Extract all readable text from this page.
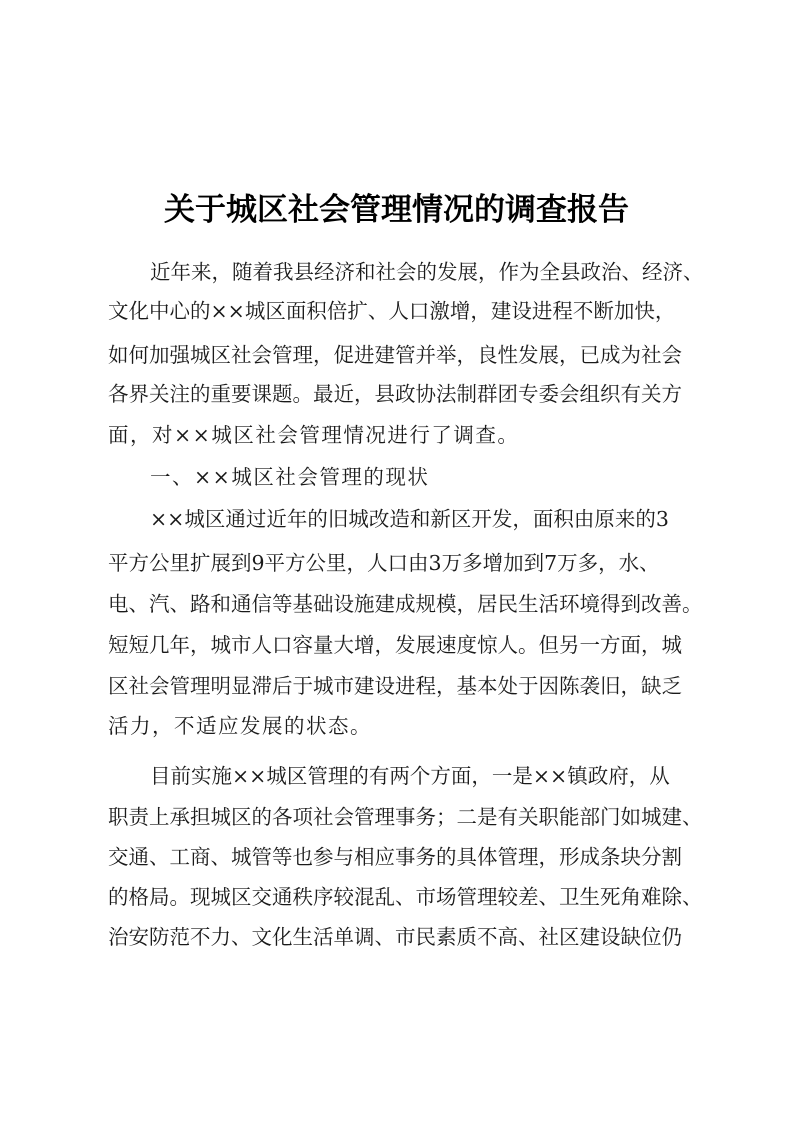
关于城区社会管理情况的调查报告
近年来，随着我县经济和社会的发展，作为全县政治、经济、
文化中心的××城区面积倍扩、人口激增，建设进程不断加快，
如何加强城区社会管理，促进建管并举，良性发展，已成为社会
各界关注的重要课题。最近，县政协法制群团专委会组织有关方
面，对××城区社会管理情况进行了调查。
一、××城区社会管理的现状
××城区通过近年的旧城改造和新区开发，面积由原来的3
平方公里扩展到9平方公里，人口由3万多增加到7万多，水、
电、汽、路和通信等基础设施建成规模，居民生活环境得到改善。
短短几年，城市人口容量大增，发展速度惊人。但另一方面，城
区社会管理明显滞后于城市建设进程，基本处于因陈袭旧，缺乏
活力，不适应发展的状态。
目前实施××城区管理的有两个方面，一是××镇政府，从
职责上承担城区的各项社会管理事务；二是有关职能部门如城建、
交通、工商、城管等也参与相应事务的具体管理，形成条块分割
的格局。现城区交通秩序较混乱、市场管理较差、卫生死角难除、
治安防范不力、文化生活单调、市民素质不高、社区建设缺位仍
